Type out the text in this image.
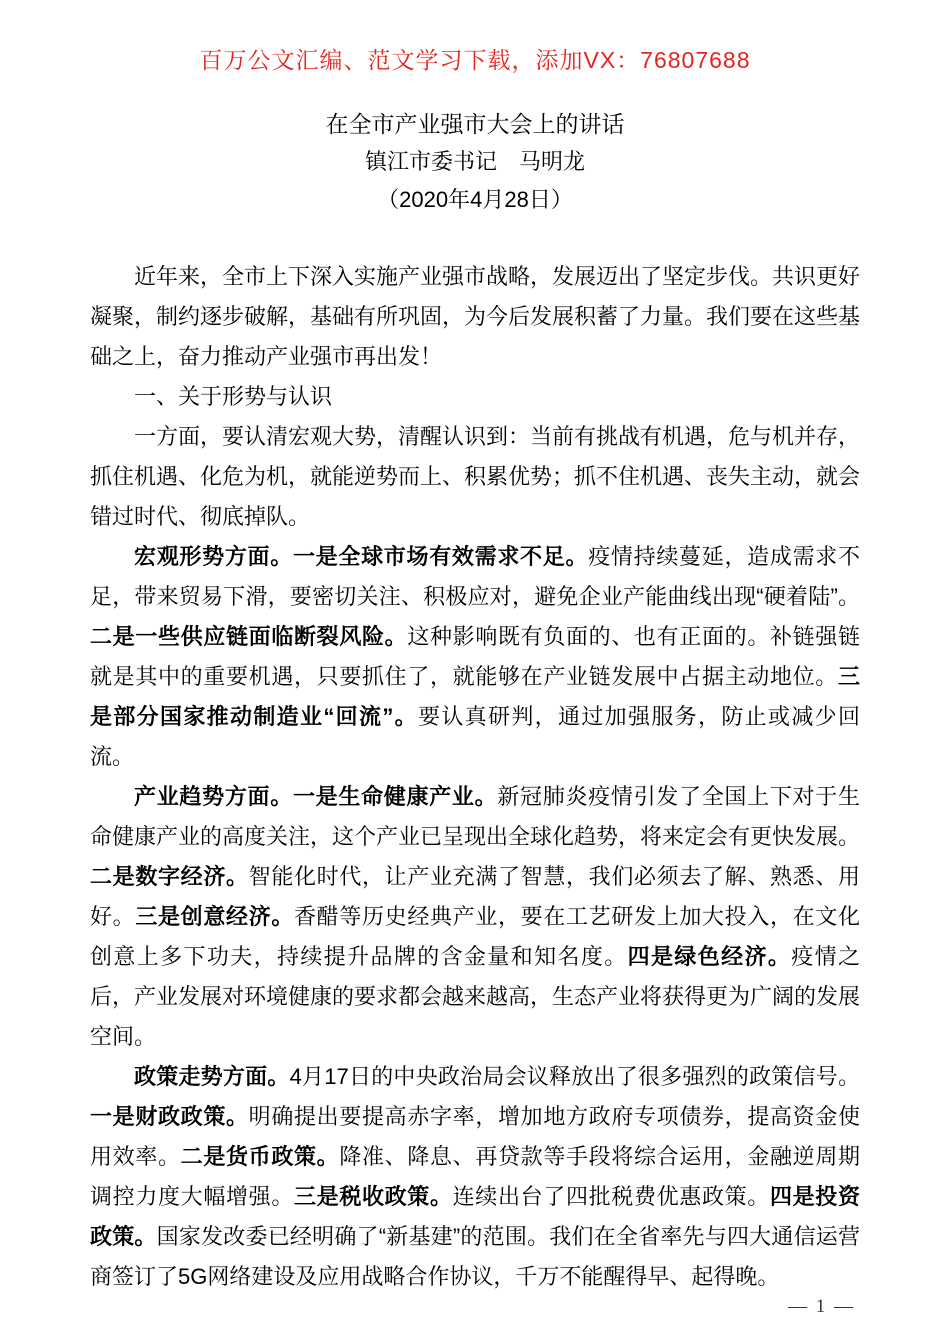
百万公文汇编、范文学习下载，添加VX：76807688
在全市产业强市大会上的讲话
镇江市委书记　马明龙
（2020年4月28日）

近年来，全市上下深入实施产业强市战略，发展迈出了坚定步伐。共识更好凝聚，制约逐步破解，基础有所巩固，为今后发展积蓄了力量。我们要在这些基础之上，奋力推动产业强市再出发！

一、关于形势与认识

一方面，要认清宏观大势，清醒认识到：当前有挑战有机遇，危与机并存，抓住机遇、化危为机，就能逆势而上、积累优势；抓不住机遇、丧失主动，就会错过时代、彻底掉队。

宏观形势方面。一是全球市场有效需求不足。疫情持续蔓延，造成需求不足，带来贸易下滑，要密切关注、积极应对，避免企业产能曲线出现“硬着陆”。二是一些供应链面临断裂风险。这种影响既有负面的、也有正面的。补链强链就是其中的重要机遇，只要抓住了，就能够在产业链发展中占据主动地位。三是部分国家推动制造业“回流”。要认真研判，通过加强服务，防止或减少回流。

产业趋势方面。一是生命健康产业。新冠肺炎疫情引发了全国上下对于生命健康产业的高度关注，这个产业已呈现出全球化趋势，将来定会有更快发展。二是数字经济。智能化时代，让产业充满了智慧，我们必须去了解、熟悉、用好。三是创意经济。香醋等历史经典产业，要在工艺研发上加大投入，在文化创意上多下功夫，持续提升品牌的含金量和知名度。四是绿色经济。疫情之后，产业发展对环境健康的要求都会越来越高，生态产业将获得更为广阔的发展空间。

政策走势方面。4月17日的中央政治局会议释放出了很多强烈的政策信号。一是财政政策。明确提出要提高赤字率，增加地方政府专项债券，提高资金使用效率。二是货币政策。降准、降息、再贷款等手段将综合运用，金融逆周期调控力度大幅增强。三是税收政策。连续出台了四批税费优惠政策。四是投资政策。国家发改委已经明确了“新基建”的范围。我们在全省率先与四大通信运营商签订了5G网络建设及应用战略合作协议，千万不能醒得早、起得晚。

— 1 —
